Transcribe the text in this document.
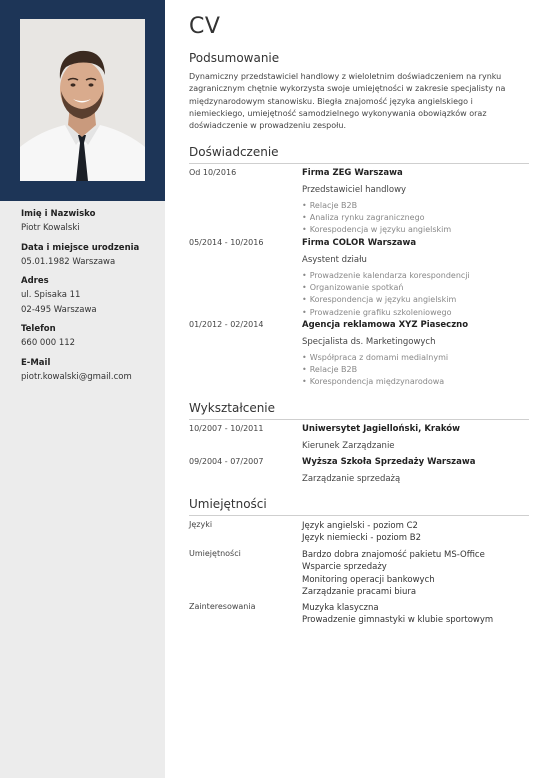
Imię i Nazwisko
Piotr Kowalski
Data i miejsce urodzenia
05.01.1982 Warszawa
Adres
ul. Spisaka 11
02-495 Warszawa
Telefon
660 000 112
E-Mail
piotr.kowalski@gmail.com
CV
Podsumowanie

Dynamiczny przedstawiciel handlowy z wieloletnim doświadczeniem na rynku zagranicznym chętnie wykorzysta swoje umiejętności w zakresie specjalisty na międzynarodowym stanowisku. Biegła znajomość języka angielskiego i niemieckiego, umiejętność samodzielnego wykonywania obowiązków oraz doświadczenie w prowadzeniu zespołu.

Doświadczenie
Od 10/2016	Firma ZEG Warszawa
Przedstawiciel handlowy
• Relacje B2B
• Analiza rynku zagranicznego
• Korespodencja w języku angielskim
05/2014 - 10/2016	Firma COLOR Warszawa
Asystent działu
• Prowadzenie kalendarza korespondencji
• Organizowanie spotkań
• Korespondencja w języku angielskim
• Prowadzenie grafiku szkoleniowego
01/2012 - 02/2014	Agencja reklamowa XYZ Piaseczno
Specjalista ds. Marketingowych
• Współpraca z domami medialnymi
• Relacje B2B
• Korespondencja międzynarodowa
Wykształcenie
10/2007 - 10/2011	Uniwersytet Jagielloński, Kraków
Kierunek Zarządzanie
09/2004 - 07/2007	Wyższa Szkoła Sprzedaży Warszawa
Zarządzanie sprzedażą
Umiejętności
Języki	Język angielski - poziom C2
Język niemiecki - poziom B2
Umiejętności	Bardzo dobra znajomość pakietu MS-Office
Wsparcie sprzedaży
Monitoring operacji bankowych
Zarządzanie pracami biura
Zainteresowania	Muzyka klasyczna
Prowadzenie gimnastyki w klubie sportowym
